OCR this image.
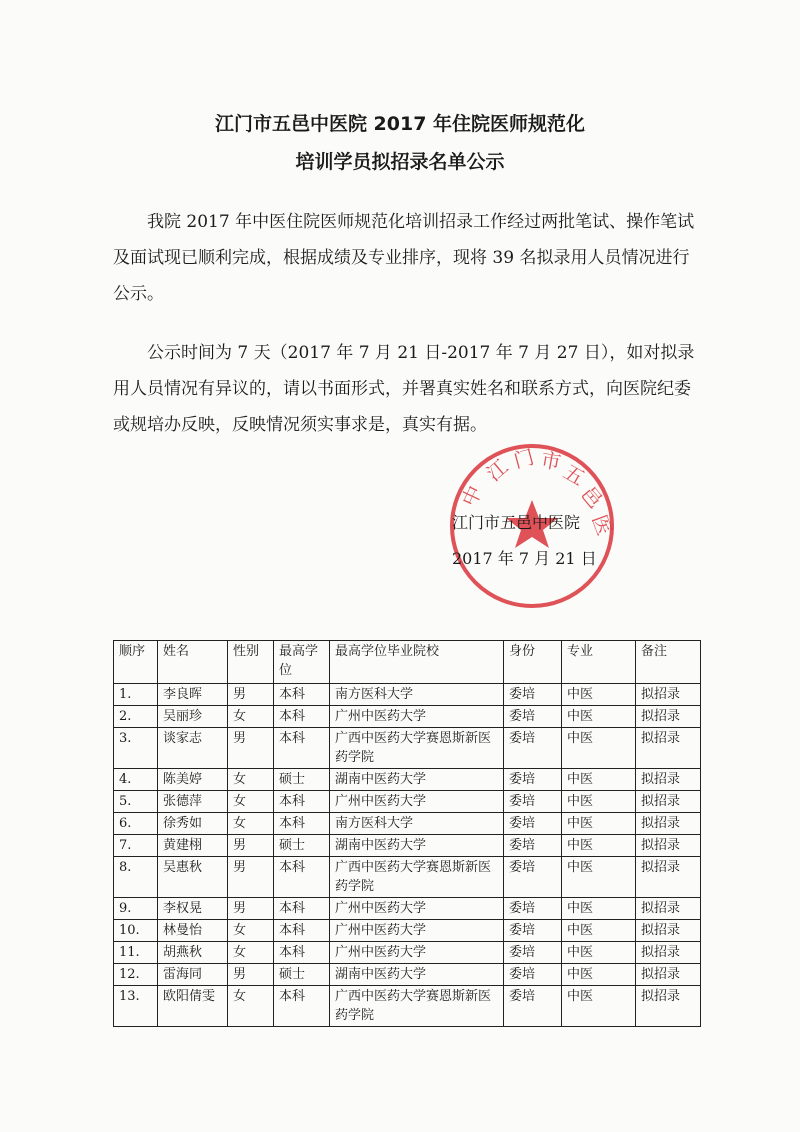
江门市五邑中医院 2017 年住院医师规范化
培训学员拟招录名单公示

我院 2017 年中医住院医师规范化培训招录工作经过两批笔试、操作笔试及面试现已顺利完成，根据成绩及专业排序，现将 39 名拟录用人员情况进行公示。

公示时间为 7 天（2017 年 7 月 21 日-2017 年 7 月 27 日），如对拟录用人员情况有异议的，请以书面形式，并署真实姓名和联系方式，向医院纪委或规培办反映，反映情况须实事求是，真实有据。

江
门 市
五
邑
中
医
江门市五邑中医院
2017 年 7 月 21 日
顺序	姓名	性别	最高学位	最高学位毕业院校	身份	专业	备注
1.	李良晖	男	本科	南方医科大学	委培	中医	拟招录
2.	吴丽珍	女	本科	广州中医药大学	委培	中医	拟招录
3.	谈家志	男	本科	广西中医药大学赛恩斯新医药学院	委培	中医	拟招录
4.	陈美婷	女	硕士	湖南中医药大学	委培	中医	拟招录
5.	张德萍	女	本科	广州中医药大学	委培	中医	拟招录
6.	徐秀如	女	本科	南方医科大学	委培	中医	拟招录
7.	黄建栩	男	硕士	湖南中医药大学	委培	中医	拟招录
8.	吴惠秋	男	本科	广西中医药大学赛恩斯新医药学院	委培	中医	拟招录
9.	李权晃	男	本科	广州中医药大学	委培	中医	拟招录
10.	林曼怡	女	本科	广州中医药大学	委培	中医	拟招录
11.	胡燕秋	女	本科	广州中医药大学	委培	中医	拟招录
12.	雷海同	男	硕士	湖南中医药大学	委培	中医	拟招录
13.	欧阳倩雯	女	本科	广西中医药大学赛恩斯新医药学院	委培	中医	拟招录
